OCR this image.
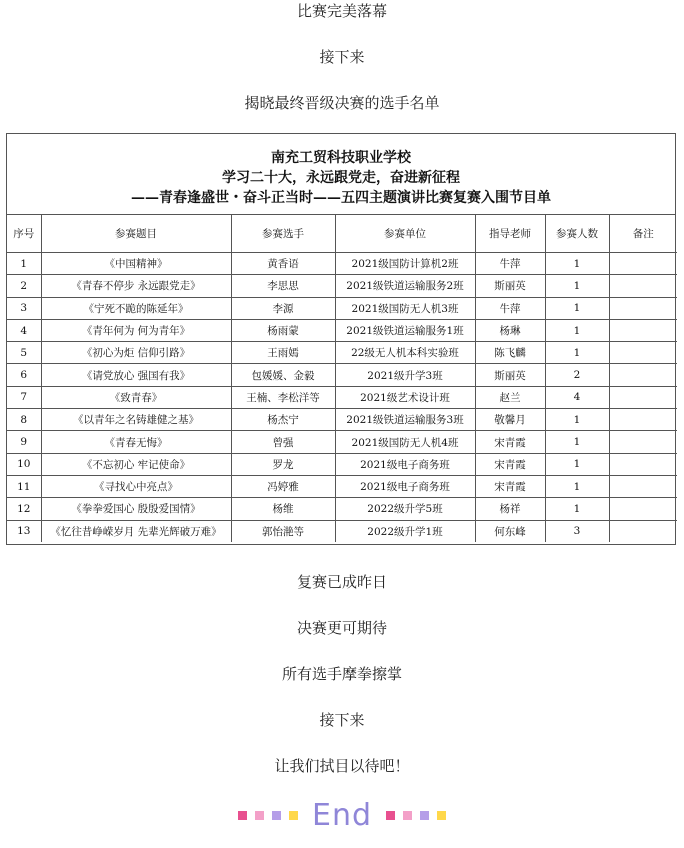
比赛完美落幕
接下来
揭晓最终晋级决赛的选手名单
南充工贸科技职业学校
学习二十大，永远跟党走，奋进新征程
——青春逢盛世・奋斗正当时——五四主题演讲比赛复赛入围节目单
序号	参赛题目	参赛选手	参赛单位	指导老师	参赛人数	备注
1	《中国精神》	黄香语	2021级国防计算机2班	牛萍	1	
2	《青春不停步 永远跟党走》	李思思	2021级铁道运输服务2班	斯丽英	1	
3	《宁死不跪的陈延年》	李源	2021级国防无人机3班	牛萍	1	
4	《青年何为 何为青年》	杨雨蒙	2021级铁道运输服务1班	杨琳	1	
5	《初心为炬 信仰引路》	王雨嫣	22级无人机本科实验班	陈飞麟	1	
6	《请党放心 强国有我》	包媛媛、金毅	2021级升学3班	斯丽英	2	
7	《致青春》	王楠、李松洋等	2021级艺术设计班	赵兰	4	
8	《以青年之名铸雄健之基》	杨杰宁	2021级铁道运输服务3班	敬馨月	1	
9	《青春无悔》	曾强	2021级国防无人机4班	宋青霞	1	
10	《不忘初心 牢记使命》	罗龙	2021级电子商务班	宋青霞	1	
11	《寻找心中亮点》	冯婷雅	2021级电子商务班	宋青霞	1	
12	《拳拳爱国心 殷殷爱国情》	杨维	2022级升学5班	杨祥	1	
13	《忆往昔峥嵘岁月 先辈光辉破万难》	郭怡滟等	2022级升学1班	何东峰	3	
复赛已成昨日
决赛更可期待
所有选手摩拳擦掌
接下来
让我们拭目以待吧！
End
